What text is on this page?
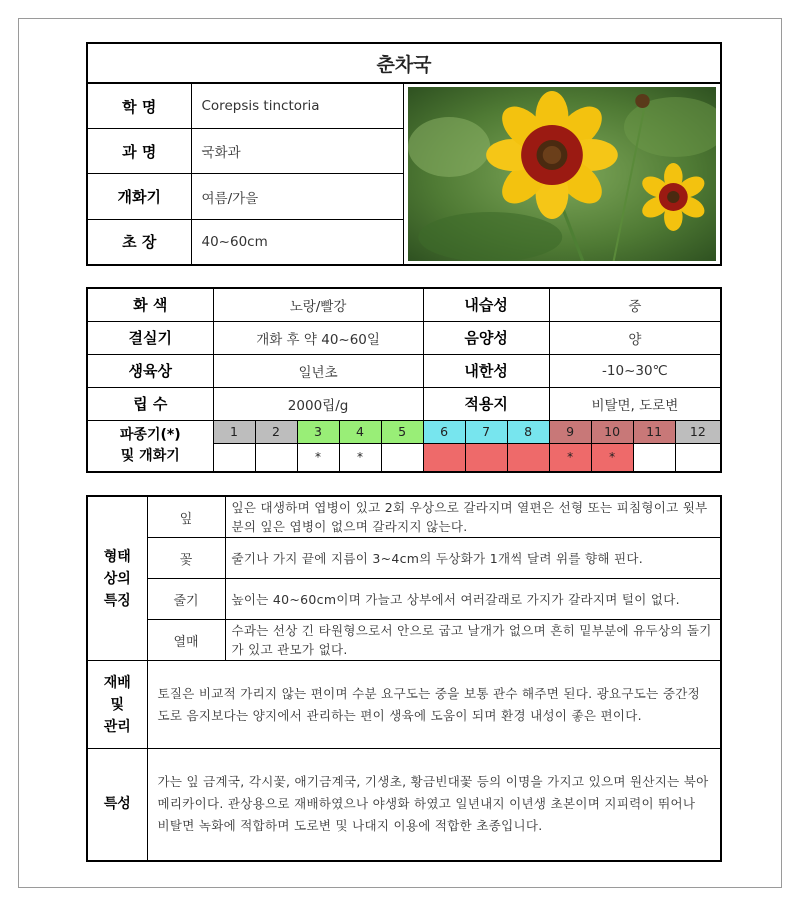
춘차국		
학 명	Corepsis tinctoria	

과 명	국화과	
개화기	여름/가을	
초 장	40~60cm	
화 색	노랑/빨강					내습성			중			
결실기	개화 후 약 40~60일					음양성			양			
생육상	일년초					내한성			-10~30℃			
립 수	2000립/g					적용지			비탈면, 도로변			
파종기(*)
및 개화기	1	2	3	4	5	6	7	8	9	10	11	12
			*	*					*	*		
형태
상의
특징	잎	잎은 대생하며 엽병이 있고 2회 우상으로 갈라지며 열편은 선형 또는 피침형이고 윗부분의 잎은 엽병이 없으며 갈라지지 않는다.
	꽃	줄기나 가지 끝에 지름이 3~4cm의 두상화가 1개씩 달려 위를 향해 핀다.
	줄기	높이는 40~60cm이며 가늘고 상부에서 여러갈래로 가지가 갈라지며 털이 없다.
	열매	수과는 선상 긴 타원형으로서 안으로 굽고 날개가 없으며 흔히 밑부분에 유두상의 돌기가 있고 관모가 없다.
재배
및
관리	토질은 비교적 가리지 않는 편이며 수분 요구도는 중을 보통 관수 해주면 된다. 광요구도는 중간정도로 음지보다는 양지에서 관리하는 편이 생육에 도움이 되며 환경 내성이 좋은 편이다.	
특성	가는 잎 금계국, 각시꽃, 애기금계국, 기생초, 황금빈대꽃 등의 이명을 가지고 있으며 원산지는 북아메리카이다. 관상용으로 재배하였으나 야생화 하였고 일년내지 이년생 초본이며 지피력이 뛰어나 비탈면 녹화에 적합하며 도로변 및 나대지 이용에 적합한 초종입니다.	
